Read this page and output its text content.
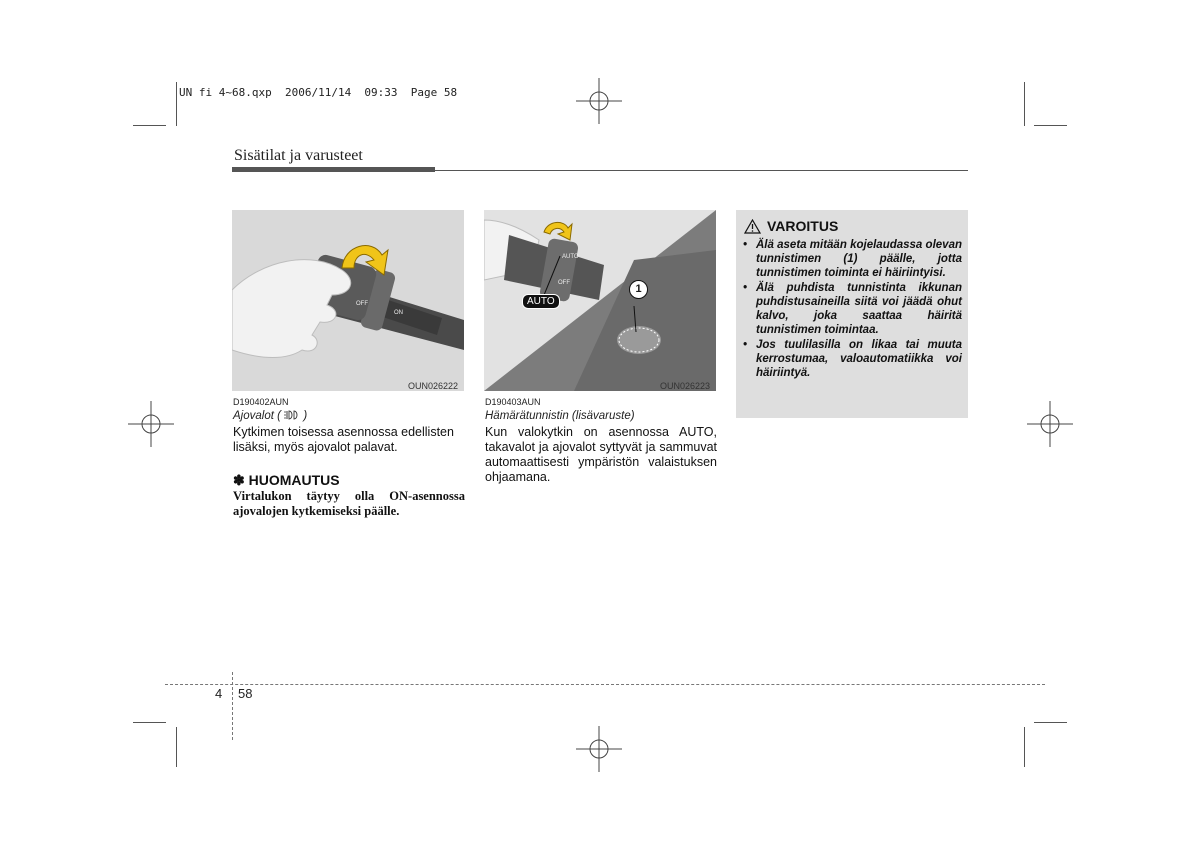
UN fi 4~68.qxp  2006/11/14  09:33  Page 58
Sisätilat ja varusteet
OFF
ON
OUN026222
AUTO
OFF
AUTO
1
OUN026223
D190402AUN
Ajovalot (  )
Kytkimen toisessa asennossa edellisten lisäksi, myös ajovalot palavat.
✽ HUOMAUTUS
Virtalukon täytyy olla ON-asennossa ajovalojen kytkemiseksi päälle.
D190403AUN
Hämärätunnistin (lisävaruste)
Kun valokytkin on asennossa AUTO, takavalot ja ajovalot syttyvät ja sammuvat automaattisesti ympäristön valaistuksen ohjaamana.
VAROITUS
• Älä aseta mitään kojelaudassa olevan tunnistimen (1) päälle, jotta tunnistimen toiminta ei häiriintyisi.
• Älä puhdista tunnistinta ikkunan puhdistusaineilla siitä voi jäädä ohut kalvo, joka saattaa häiritä tunnistimen toimintaa.
• Jos tuulilasilla on likaa tai muuta kerrostumaa, valoautomatiikka voi häiriintyä.
4 58
